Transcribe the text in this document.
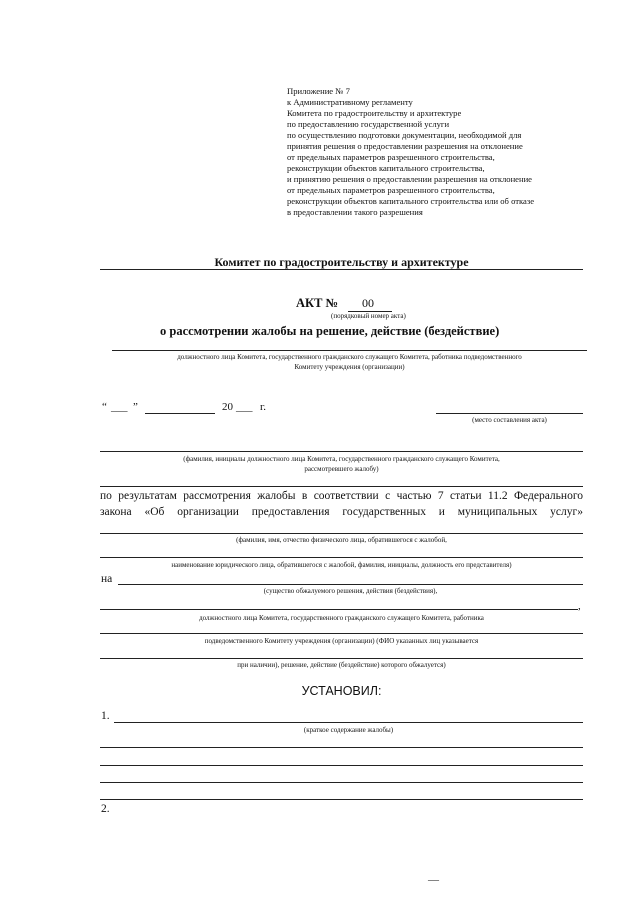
Приложение № 7
к Административному регламенту
Комитета по градостроительству и архитектуре
по предоставлению государственной услуги
по осуществлению подготовки документации, необходимой для
принятия решения о предоставлении разрешения на отклонение
от предельных параметров разрешенного строительства,
реконструкции объектов капитального строительства,
и принятию решения о предоставлении разрешения на отклонение
от предельных параметров разрешенного строительства,
реконструкции объектов капитального строительства или об отказе
в предоставлении такого разрешения
Комитет по градостроительству и архитектуре
АКТ № 00
(порядковый номер акта)
о рассмотрении жалобы на решение, действие (бездействие)
должностного лица Комитета, государственного гражданского служащего Комитета, работника подведомственного
Комитету учреждения (организации)
“ ___ ”	20 ___ г.
(место составления акта)
(фамилия, инициалы должностного лица Комитета, государственного гражданского служащего Комитета,
рассмотревшего жалобу)
по результатам рассмотрения жалобы в соответствии с частью 7 статьи 11.2 Федерального
закона «Об организации предоставления государственных и муниципальных услуг»
(фамилия, имя, отчество физического лица, обратившегося с жалобой,
наименование юридического лица, обратившегося с жалобой, фамилия, инициалы, должность его представителя)
на
(существо обжалуемого решения, действия (бездействия),
,
должностного лица Комитета, государственного гражданского служащего Комитета, работника
подведомственного Комитету учреждения (организации) (ФИО указанных лиц указывается
при наличии), решение, действие (бездействие) которого обжалуется)
УСТАНОВИЛ:
1.
(краткое содержание жалобы)
2.
—
